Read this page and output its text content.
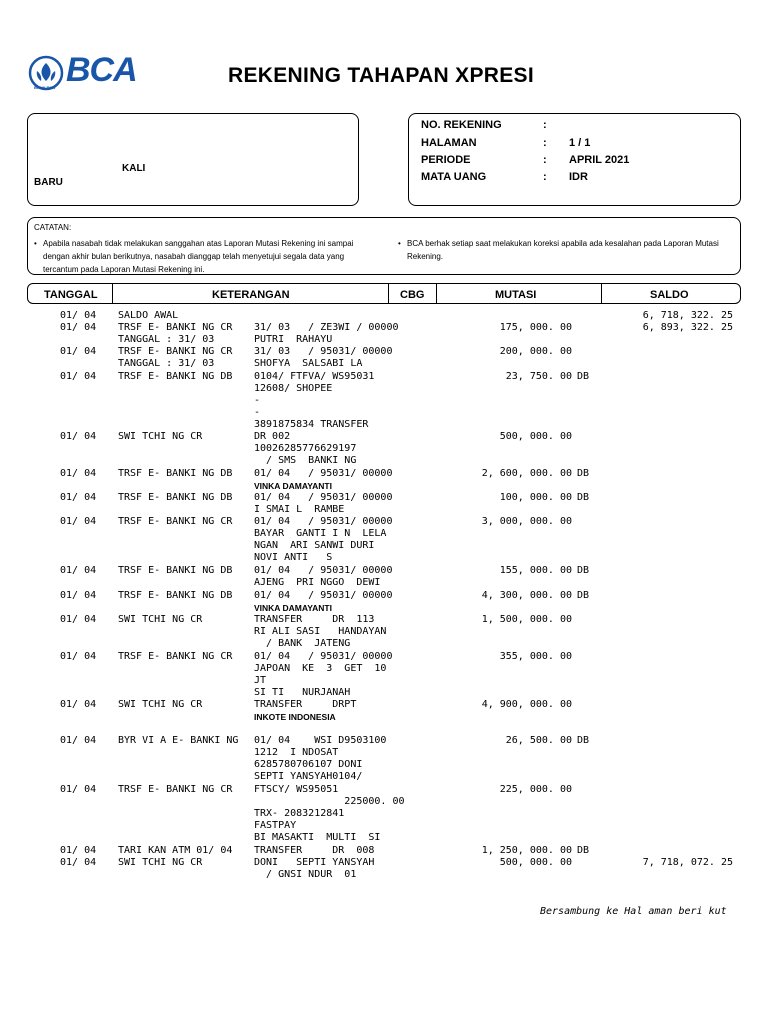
BCA
BANK BCA
REKENING TAHAPAN XPRESI
KALI
BARU
NO. REKENING	:
HALAMAN	: 1 / 1
PERIODE	: APRIL 2021
MATA UANG	: IDR
CATATAN:
• Apabila nasabah tidak melakukan sanggahan atas Laporan Mutasi Rekening ini sampai
dengan akhir bulan berikutnya, nasabah dianggap telah menyetujui segala data yang
tercantum pada Laporan Mutasi Rekening ini.
• BCA berhak setiap saat melakukan koreksi apabila ada kesalahan pada Laporan Mutasi
Rekening.
TANGGAL	KETERANGAN	CBG	MUTASI	SALDO
01/ 04 SALDO AWAL	6, 718, 322. 25
01/ 04 TRSF E- BANKI NG CR
TANGGAL : 31/ 03
31/ 03   / ZE3WI / 00000
PUTRI  RAHAYU
175, 000. 00	6, 893, 322. 25
01/ 04 TRSF E- BANKI NG CR
TANGGAL : 31/ 03
31/ 03   / 95031/ 00000
SHOFYA  SALSABI LA
200, 000. 00
01/ 04 TRSF E- BANKI NG DB 0104/ FTFVA/ WS95031
12608/ SHOPEE
-
-
3891875834 TRANSFER
23, 750. 00 DB
01/ 04 SWI TCHI NG CR	DR 002
10026285776629197
/ SMS  BANKI NG
500, 000. 00
01/ 04 TRSF E- BANKI NG DB 01/ 04   / 95031/ 00000
VINKA DAMAYANTI
2, 600, 000. 00 DB
01/ 04 TRSF E- BANKI NG DB 01/ 04   / 95031/ 00000
I SMAI L  RAMBE
100, 000. 00 DB
01/ 04 TRSF E- BANKI NG CR 01/ 04   / 95031/ 00000
BAYAR  GANTI I N  LELA
NGAN  ARI SANWI DURI
NOVI ANTI   S
3, 000, 000. 00
01/ 04 TRSF E- BANKI NG DB 01/ 04   / 95031/ 00000
AJENG  PRI NGGO  DEWI
155, 000. 00 DB
01/ 04 TRSF E- BANKI NG DB 01/ 04   / 95031/ 00000
VINKA DAMAYANTI
4, 300, 000. 00 DB
01/ 04 SWI TCHI NG CR	TRANSFER     DR  113
RI ALI SASI   HANDAYAN
/ BANK  JATENG
1, 500, 000. 00
01/ 04 TRSF E- BANKI NG CR 01/ 04   / 95031/ 00000
JAPOAN  KE  3  GET  10
JT
SI TI   NURJANAH
355, 000. 00
01/ 04 SWI TCHI NG CR	TRANSFER     DRPT
INKOTE INDONESIA
4, 900, 000. 00
01/ 04 BYR VI A E- BANKI NG 01/ 04    WSI D9503100
1212  I NDOSAT
6285780706107 DONI
SEPTI YANSYAH0104/
26, 500. 00 DB
01/ 04 TRSF E- BANKI NG CR FTSCY/ WS95051
225000. 00
TRX- 2083212841
FASTPAY
BI MASAKTI  MULTI  SI
225, 000. 00
01/ 04 TARI KAN ATM 01/ 04 TRANSFER     DR  008	1, 250, 000. 00 DB
01/ 04 SWI TCHI NG CR	DONI   SEPTI YANSYAH
/ GNSI NDUR  01
500, 000. 00	7, 718, 072. 25
Bersambung ke Hal aman beri kut
